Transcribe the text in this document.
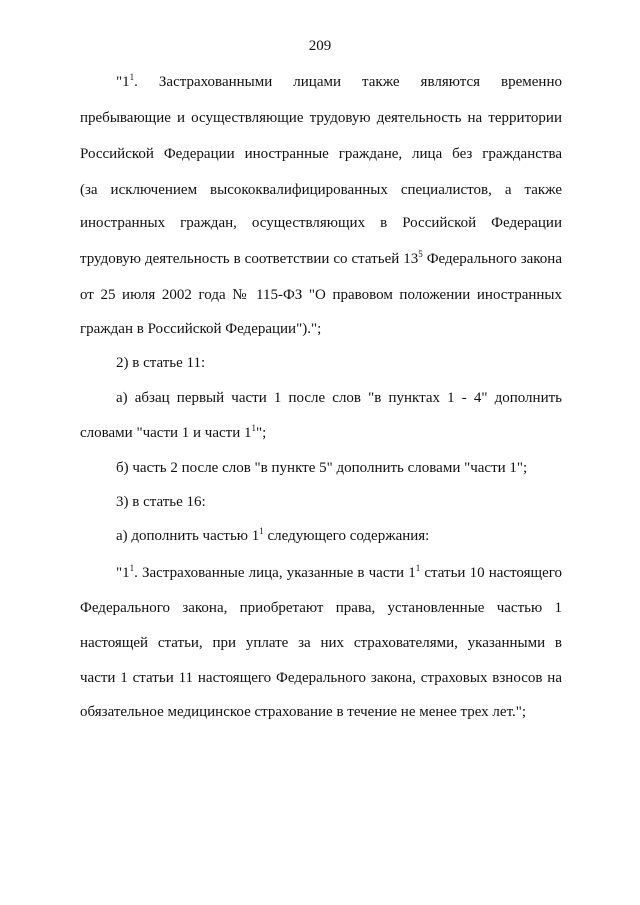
209
"$1^1$. Застрахованными лицами также являются временно
пребывающие и осуществляющие трудовую деятельность на территории
Российской Федерации иностранные граждане, лица без гражданства
(за исключением высококвалифицированных специалистов, а также
иностранных граждан, осуществляющих в Российской Федерации
трудовую деятельность в соответствии со статьей $13^5$ Федерального закона
от 25 июля 2002 года № 115-ФЗ "О правовом положении иностранных
граждан в Российской Федерации").";
2) в статье 11:
а) абзац первый части 1 после слов "в пунктах 1 - 4" дополнить
словами "части 1 и части $1^1$";
б) часть 2 после слов "в пункте 5" дополнить словами "части 1";
3) в статье 16:
а) дополнить частью $1^1$ следующего содержания:
"$1^1$. Застрахованные лица, указанные в части $1^1$ статьи 10 настоящего
Федерального закона, приобретают права, установленные частью 1
настоящей статьи, при уплате за них страхователями, указанными в
части 1 статьи 11 настоящего Федерального закона, страховых взносов на
обязательное медицинское страхование в течение не менее трех лет.";
